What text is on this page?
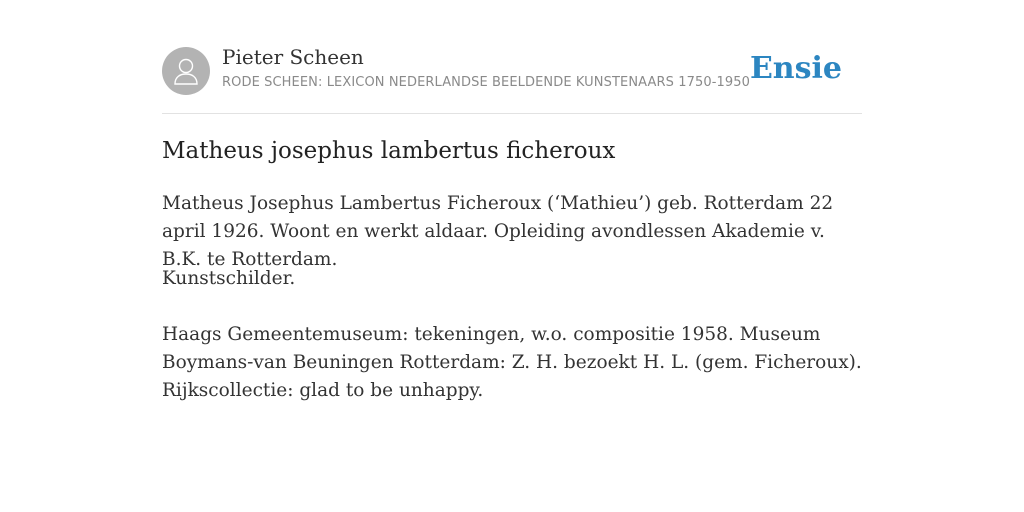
Pieter Scheen
RODE SCHEEN: LEXICON NEDERLANDSE BEELDENDE KUNSTENAARS 1750-1950 Ensie
Matheus josephus lambertus ficheroux

Matheus Josephus Lambertus Ficheroux (‘Mathieu’) geb. Rotterdam 22 april 1926. Woont en werkt aldaar. Opleiding avondlessen Akademie v. B.K. te Rotterdam.

Kunstschilder.

Haags Gemeentemuseum: tekeningen, w.o. compositie 1958. Museum Boymans-van Beuningen Rotterdam: Z. H. bezoekt H. L. (gem. Ficheroux). Rijkscollectie: glad to be unhappy.
